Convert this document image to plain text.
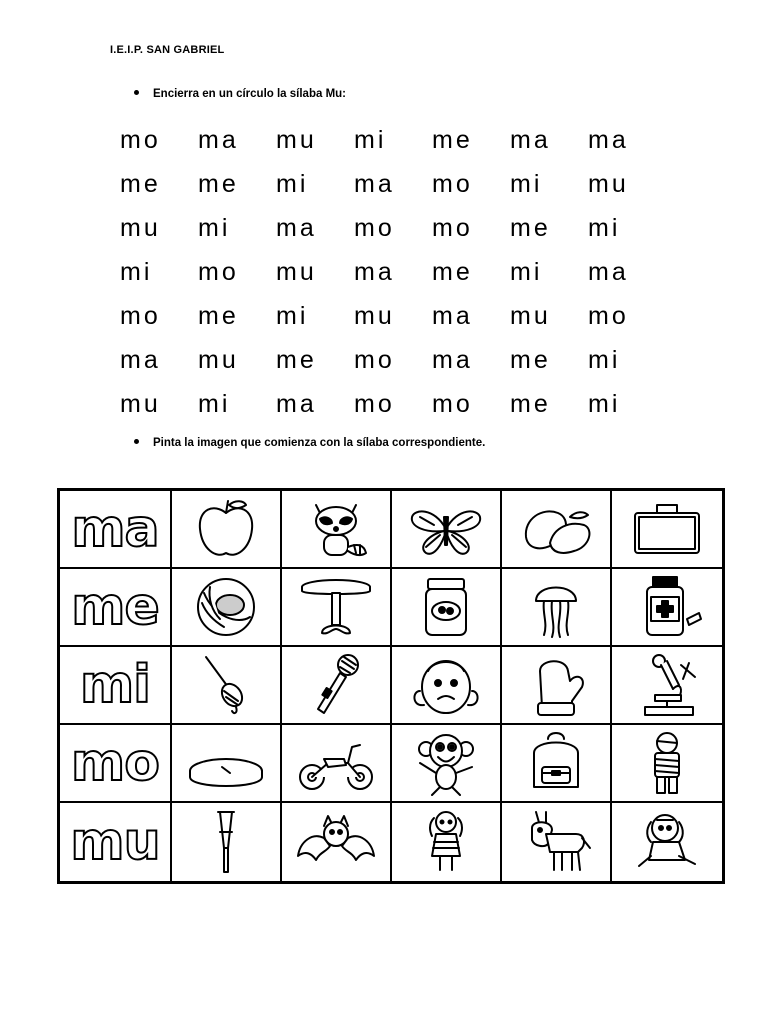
I.E.I.P. SAN GABRIEL
Encierra en un círculo la sílaba Mu:
mo	ma	mu	mi	me	ma	ma
me	me	mi	ma	mo	mi	mu
mu	mi	ma	mo	mo	me	mi
mi	mo	mu	ma	me	mi	ma
mo	me	mi	mu	ma	mu	mo
ma	mu	me	mo	ma	me	mi
mu	mi	ma	mo	mo	me	mi
Pinta la imagen que comienza con la sílaba correspondiente.
ma
me
mi
mo
mu
